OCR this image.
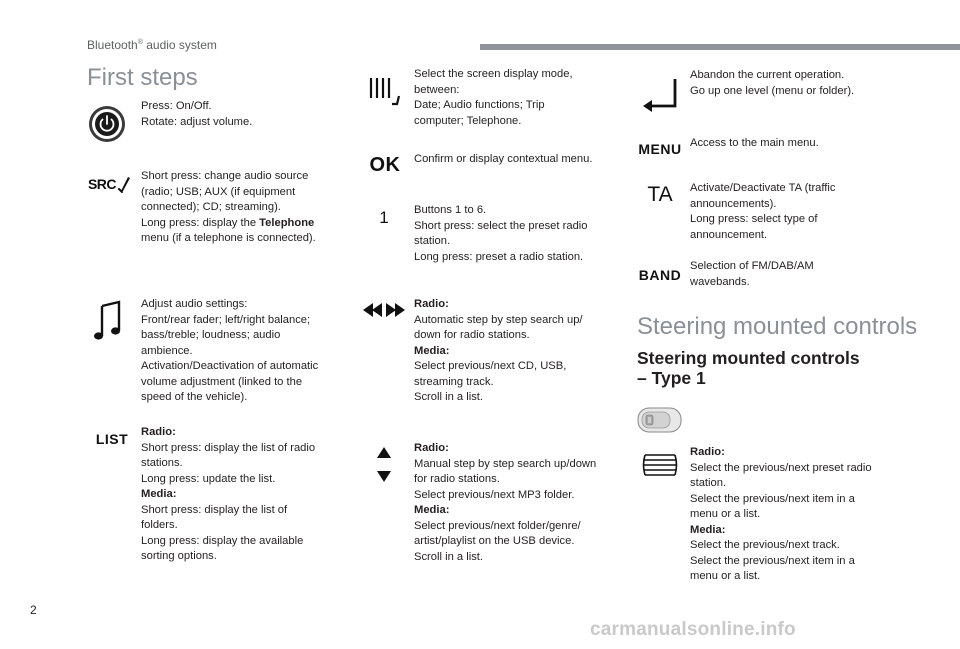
Bluetooth® audio system
First steps
Press: On/Off.
Rotate: adjust volume.
SRC Short press: change audio source
(radio; USB; AUX (if equipment
connected); CD; streaming).
Long press: display the Telephone
menu (if a telephone is connected).
Adjust audio settings:
Front/rear fader; left/right balance;
bass/treble; loudness; audio
ambience.
Activation/Deactivation of automatic
volume adjustment (linked to the
speed of the vehicle).
LIST Radio:
Short press: display the list of radio
stations.
Long press: update the list.
Media:
Short press: display the list of
folders.
Long press: display the available
sorting options.
Select the screen display mode,
between:
Date; Audio functions; Trip
computer; Telephone.
OK Confirm or display contextual menu.
1 Buttons 1 to 6.
Short press: select the preset radio
station.
Long press: preset a radio station.
Radio:
Automatic step by step search up/
down for radio stations.
Media:
Select previous/next CD, USB,
streaming track.
Scroll in a list.
Radio:
Manual step by step search up/down
for radio stations.
Select previous/next MP3 folder.
Media:
Select previous/next folder/genre/
artist/playlist on the USB device.
Scroll in a list.
Abandon the current operation.
Go up one level (menu or folder).
MENU Access to the main menu.
TA Activate/Deactivate TA (traffic
announcements).
Long press: select type of
announcement.
BAND
Selection of FM/DAB/AM
wavebands.
Steering mounted controls
Steering mounted controls
– Type 1
Radio:
Select the previous/next preset radio
station.
Select the previous/next item in a
menu or a list.
Media:
Select the previous/next track.
Select the previous/next item in a
menu or a list.
2
carmanualsonline.info
